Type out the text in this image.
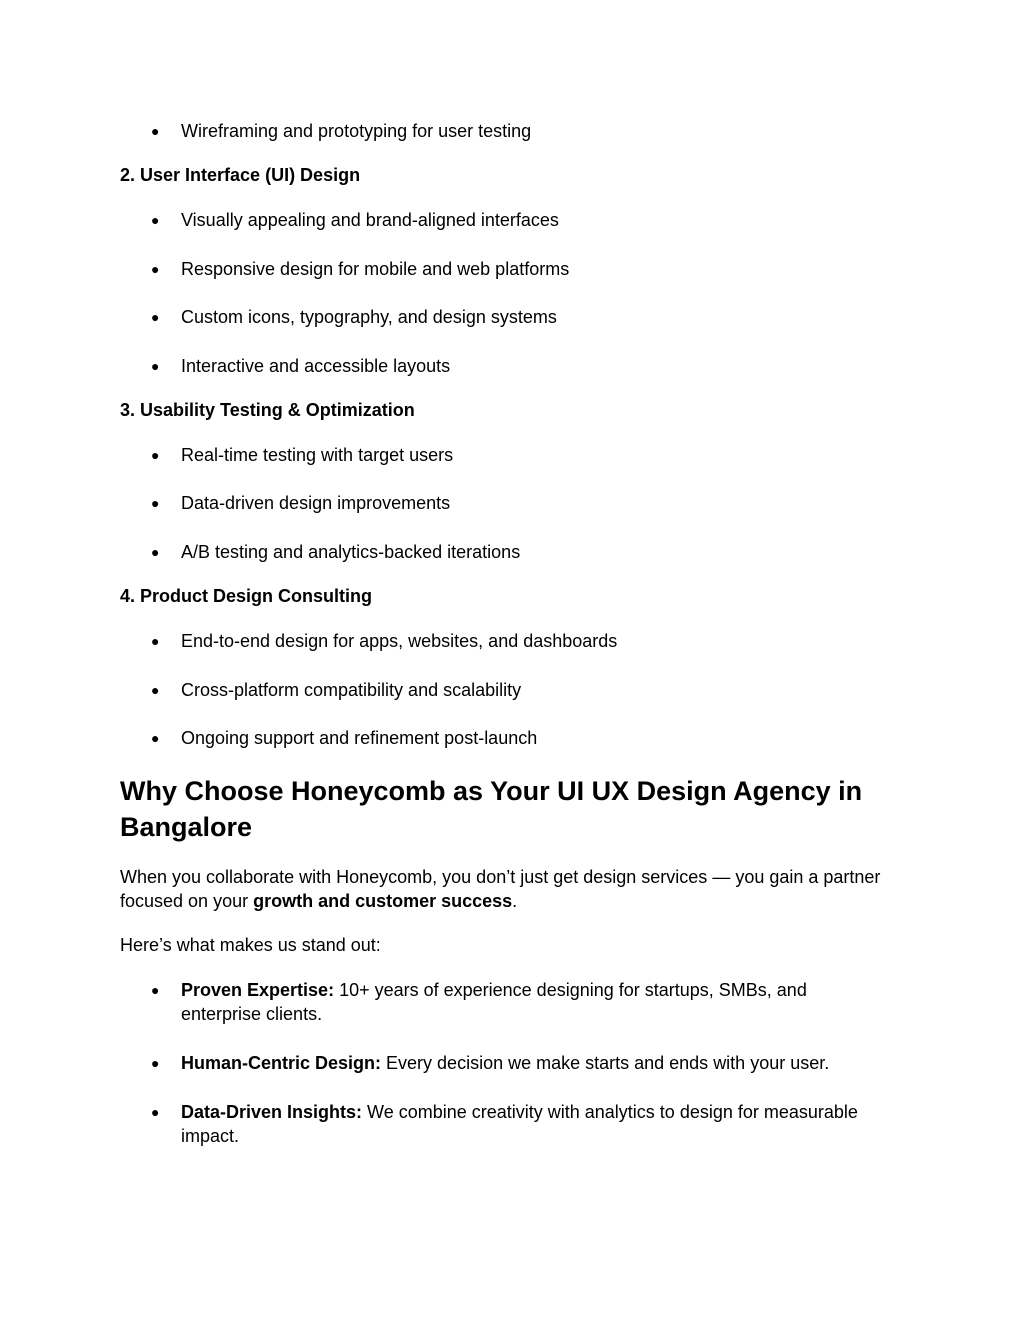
● Wireframing and prototyping for user testing
2. User Interface (UI) Design
● Visually appealing and brand-aligned interfaces
● Responsive design for mobile and web platforms
● Custom icons, typography, and design systems
● Interactive and accessible layouts
3. Usability Testing & Optimization
● Real-time testing with target users
● Data-driven design improvements
● A/B testing and analytics-backed iterations
4. Product Design Consulting
● End-to-end design for apps, websites, and dashboards
● Cross-platform compatibility and scalability
● Ongoing support and refinement post-launch
Why Choose Honeycomb as Your UI UX Design Agency in
Bangalore
When you collaborate with Honeycomb, you don’t just get design services — you gain a partner
focused on your growth and customer success.
Here’s what makes us stand out:
● Proven Expertise: 10+ years of experience designing for startups, SMBs, and
enterprise clients.
● Human-Centric Design: Every decision we make starts and ends with your user.
● Data-Driven Insights: We combine creativity with analytics to design for measurable
impact.
